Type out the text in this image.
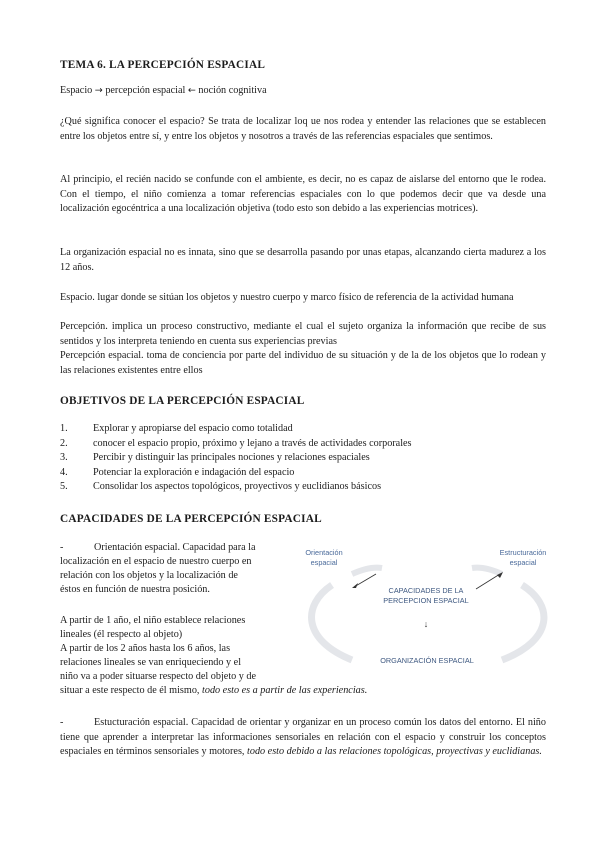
TEMA 6. LA PERCEPCIÓN ESPACIAL
Espacio → percepción espacial ← noción cognitiva

¿Qué significa conocer el espacio? Se trata de localizar loq ue nos rodea y entender las relaciones que se establecen entre los objetos entre sí, y entre los objetos y nosotros a través de las referencias espaciales que sentimos.

Al principio, el recién nacido se confunde con el ambiente, es decir, no es capaz de aislarse del entorno que le rodea. Con el tiempo, el niño comienza a tomar referencias espaciales con lo que podemos decir que va desde una localización egocéntrica a una localización objetiva (todo esto son debido a las experiencias motrices).

La organización espacial no es innata, sino que se desarrolla pasando por unas etapas, alcanzando cierta madurez a los 12 años.

Espacio. lugar donde se sitúan los objetos y nuestro cuerpo y marco físico de referencia de la actividad humana

Percepción. implica un proceso constructivo, mediante el cual el sujeto organiza la información que recibe de sus sentidos y los interpreta teniendo en cuenta sus experiencias previas

Percepción espacial. toma de conciencia por parte del individuo de su situación y de la de los objetos que lo rodean y las relaciones existentes entre ellos

OBJETIVOS DE LA PERCEPCIÓN ESPACIAL
1. Explorar y apropiarse del espacio como totalidad
2. conocer el espacio propio, próximo y lejano a través de actividades corporales
3. Percibir y distinguir las principales nociones y relaciones espaciales
4. Potenciar la exploración e indagación del espacio
5. Consolidar los aspectos topológicos, proyectivos y euclidianos básicos
CAPACIDADES DE LA PERCEPCIÓN ESPACIAL
-	Orientación espacial. Capacidad para la
localización en el espacio de nuestro cuerpo en
relación con los objetos y la localización de
éstos en función de nuestra posición.
A partir de 1 año, el niño establece relaciones
lineales (él respecto al objeto)
A partir de los 2 años hasta los 6 años, las
relaciones lineales se van enriqueciendo y el
niño va a poder situarse respecto del objeto y de
situar a este respecto de él mismo, todo esto es a partir de las experiencias.

-	Estucturación espacial. Capacidad de orientar y organizar en un proceso común los datos del entorno. El niño tiene que aprender a interpretar las informaciones sensoriales en relación con el espacio y construir los conceptos espaciales en términos sensoriales y motores, todo esto debido a las relaciones topológicas, proyectivas y euclidianas.

Orientación
espacial
Estructuración
espacial
CAPACIDADES DE LA
PERCEPCION ESPACIAL
↓
ORGANIZACIÓN ESPACIAL
